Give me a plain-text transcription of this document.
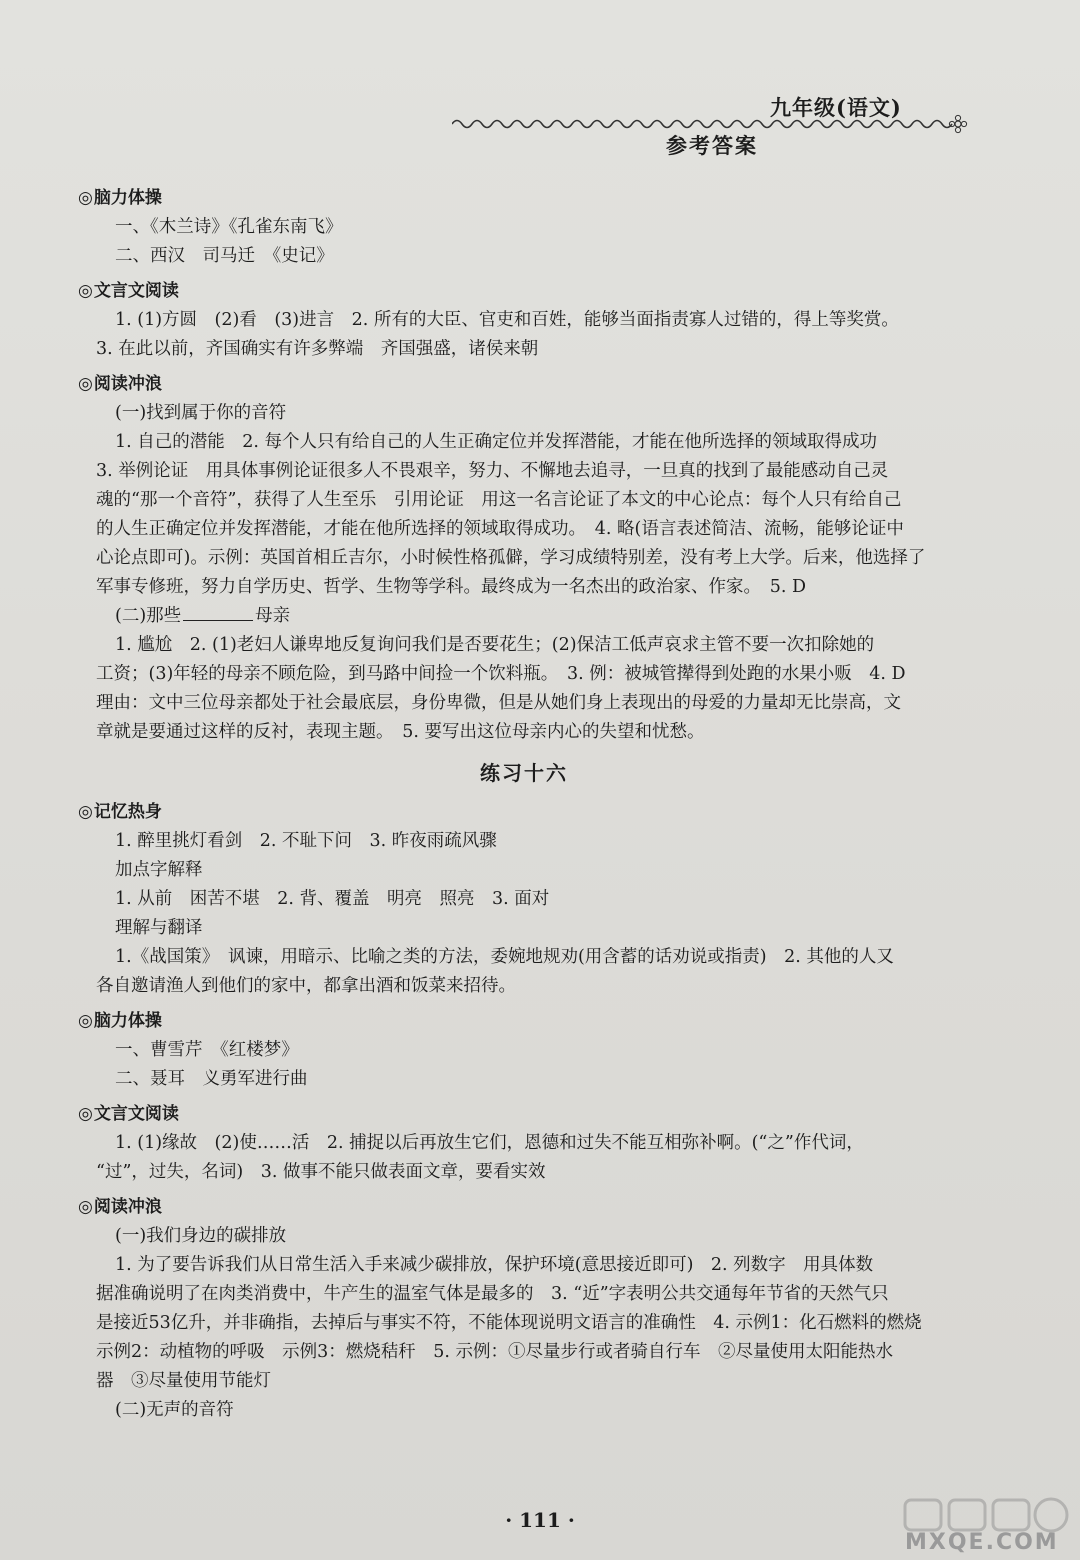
九年级(语文)
参考答案
◎ 脑力体操
一、《木兰诗》《孔雀东南飞》
二、西汉　司马迁　《史记》
◎ 文言文阅读
1. (1)方圆　(2)看　(3)进言　2. 所有的大臣、官吏和百姓，能够当面指责寡人过错的，得上等奖赏。
3. 在此以前，齐国确实有许多弊端　齐国强盛，诸侯来朝
◎ 阅读冲浪
(一)找到属于你的音符
1. 自己的潜能　2. 每个人只有给自己的人生正确定位并发挥潜能，才能在他所选择的领域取得成功
3. 举例论证　用具体事例论证很多人不畏艰辛，努力、不懈地去追寻，一旦真的找到了最能感动自己灵
魂的“那一个音符”，获得了人生至乐　引用论证　用这一名言论证了本文的中心论点：每个人只有给自己
的人生正确定位并发挥潜能，才能在他所选择的领域取得成功。　4. 略(语言表述简洁、流畅，能够论证中
心论点即可)。示例：英国首相丘吉尔，小时候性格孤僻，学习成绩特别差，没有考上大学。后来，他选择了
军事专修班，努力自学历史、哲学、生物等学科。最终成为一名杰出的政治家、作家。　5. D
(二)那些	母亲
1. 尴尬　2. (1)老妇人谦卑地反复询问我们是否要花生；(2)保洁工低声哀求主管不要一次扣除她的
工资；(3)年轻的母亲不顾危险，到马路中间捡一个饮料瓶。　3. 例：被城管撵得到处跑的水果小贩　4. D
理由：文中三位母亲都处于社会最底层，身份卑微，但是从她们身上表现出的母爱的力量却无比崇高，文
章就是要通过这样的反衬，表现主题。　5. 要写出这位母亲内心的失望和忧愁。
练习十六
◎ 记忆热身
1. 醉里挑灯看剑　2. 不耻下问　3. 昨夜雨疏风骤
加点字解释
1. 从前　困苦不堪　2. 背、覆盖　明亮　照亮　3. 面对
理解与翻译
1.《战国策》　讽谏，用暗示、比喻之类的方法，委婉地规劝(用含蓄的话劝说或指责)　2. 其他的人又
各自邀请渔人到他们的家中，都拿出酒和饭菜来招待。
◎ 脑力体操
一、曹雪芹　《红楼梦》
二、聂耳　义勇军进行曲
◎ 文言文阅读
1. (1)缘故　(2)使……活　2. 捕捉以后再放生它们，恩德和过失不能互相弥补啊。(“之”作代词，
“过”，过失，名词)　3. 做事不能只做表面文章，要看实效
◎ 阅读冲浪
(一)我们身边的碳排放
1. 为了要告诉我们从日常生活入手来减少碳排放，保护环境(意思接近即可)　2. 列数字　用具体数
据准确说明了在肉类消费中，牛产生的温室气体是最多的　3. “近”字表明公共交通每年节省的天然气只
是接近53亿升，并非确指，去掉后与事实不符，不能体现说明文语言的准确性　4. 示例1：化石燃料的燃烧
示例2：动植物的呼吸　示例3：燃烧秸秆　5. 示例：①尽量步行或者骑自行车　②尽量使用太阳能热水
器　③尽量使用节能灯
(二)无声的音符
· 111 ·
MXQE.COM
